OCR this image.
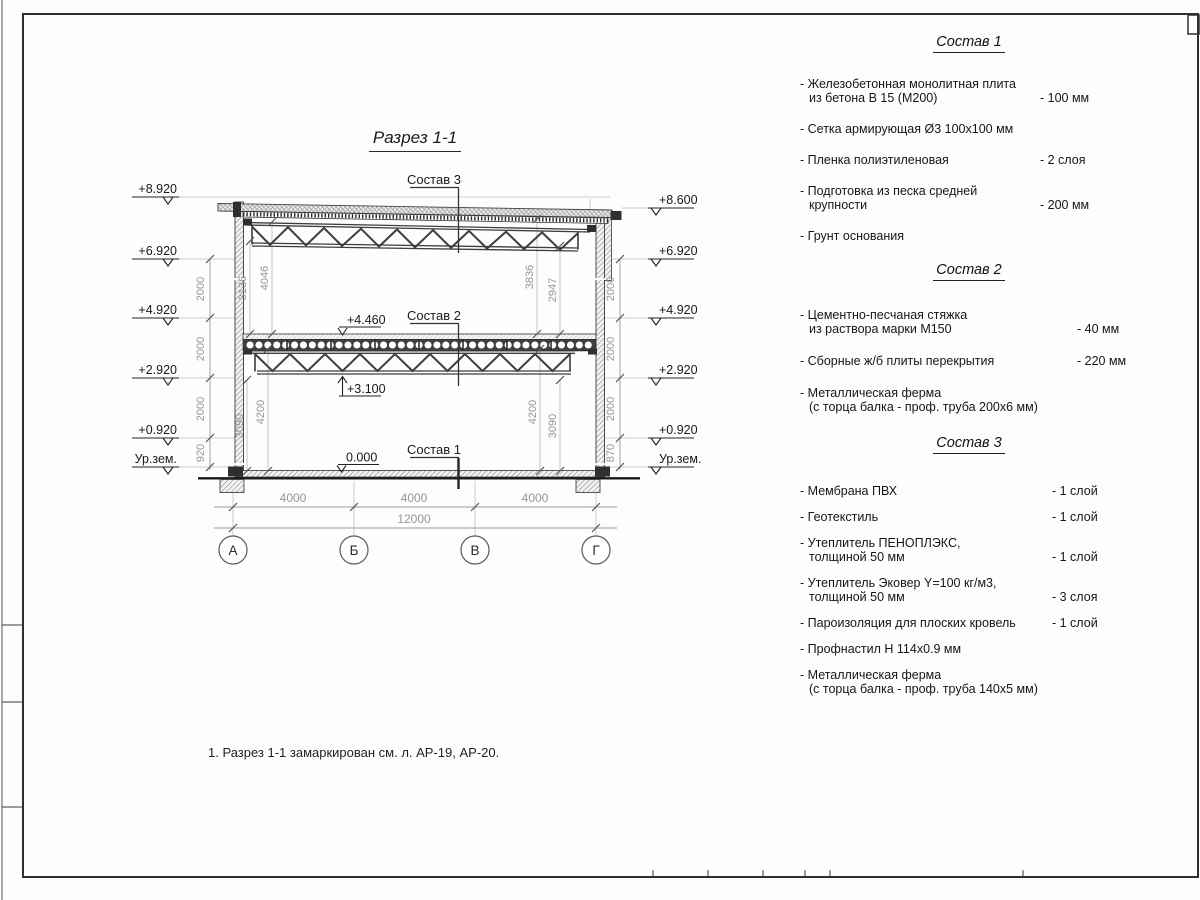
+8.920
+6.920
+4.920
+2.920
+0.920
Ур.зем.
+8.600
+6.920
+4.920
+2.920
+0.920
Ур.зем.
+4.460
+3.100
0.000
Состав 3
Состав 2
Состав 1
2000
2000
2000
920
2000
2000
2000
870
3136 4046	3836
2947
3090
4200	4200
3090
4000	4000	4000
12000
А	Б	В	Г
Разрез 1-1
1. Разрез 1-1 замаркирован см. л. АР-19, АР-20.
Состав 1
- Железобетонная монолитная плита
из бетона В 15 (М200)	- 100 мм
- Сетка армирующая Ø3 100x100 мм
- Пленка полиэтиленовая	- 2 слоя
- Подготовка из песка средней
крупности	- 200 мм
- Грунт основания
Состав 2
- Цементно-песчаная стяжка
из раствора марки М150	- 40 мм
- Сборные ж/б плиты перекрытия	- 220 мм
- Металлическая ферма
(с торца балка - проф. труба 200x6 мм)
Состав 3
- Мембрана ПВХ	- 1 слой
- Геотекстиль	- 1 слой
- Утеплитель ПЕНОПЛЭКС,
толщиной 50 мм	- 1 слой
- Утеплитель Эковер Y=100 кг/м3,
толщиной 50 мм	- 3 слоя
- Пароизоляция для плоских кровель	- 1 слой
- Профнастил Н 114x0.9 мм
- Металлическая ферма
(с торца балка - проф. труба 140x5 мм)
